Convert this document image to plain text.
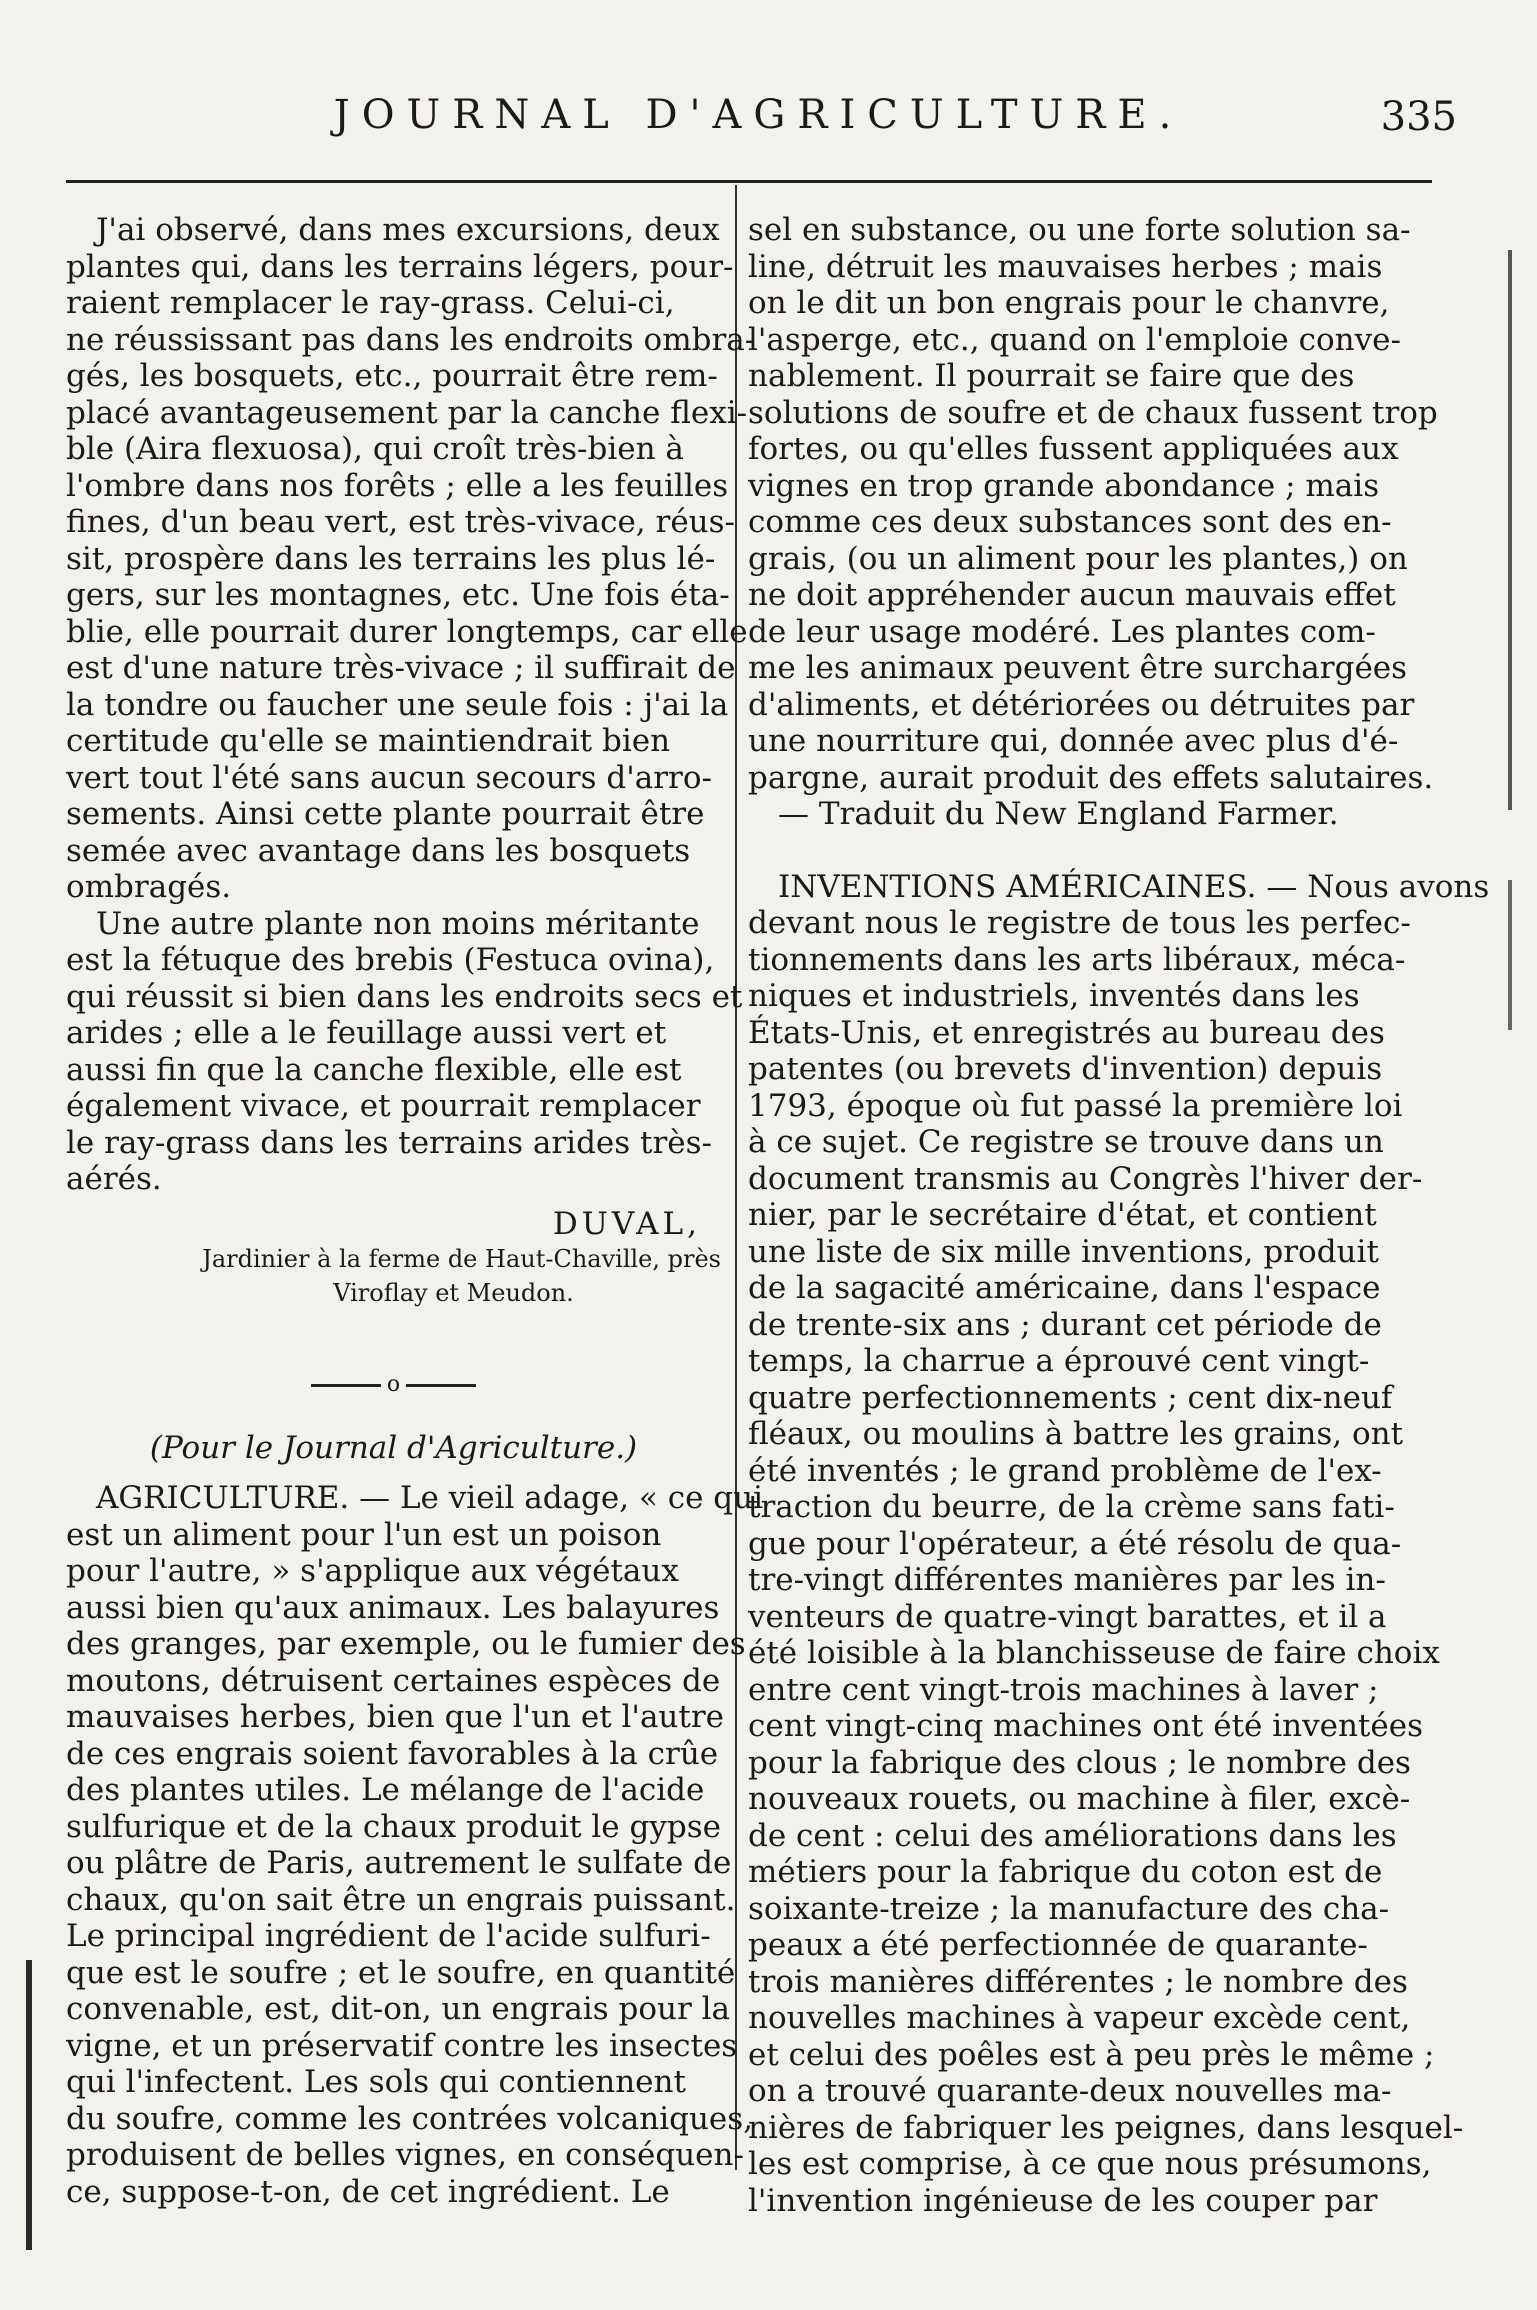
JOURNAL D'AGRICULTURE.	335
J'ai observé, dans mes excursions, deux
plantes qui, dans les terrains légers, pour-
raient remplacer le ray-grass. Celui-ci,
ne réussissant pas dans les endroits ombra-
gés, les bosquets, etc., pourrait être rem-
placé avantageusement par la canche flexi-
ble (Aira flexuosa), qui croît très-bien à
l'ombre dans nos forêts ; elle a les feuilles
fines, d'un beau vert, est très-vivace, réus-
sit, prospère dans les terrains les plus lé-
gers, sur les montagnes, etc. Une fois éta-
blie, elle pourrait durer longtemps, car elle
est d'une nature très-vivace ; il suffirait de
la tondre ou faucher une seule fois : j'ai la
certitude qu'elle se maintiendrait bien
vert tout l'été sans aucun secours d'arro-
sements. Ainsi cette plante pourrait être
semée avec avantage dans les bosquets
ombragés.
Une autre plante non moins méritante
est la fétuque des brebis (Festuca ovina),
qui réussit si bien dans les endroits secs et
arides ; elle a le feuillage aussi vert et
aussi fin que la canche flexible, elle est
également vivace, et pourrait remplacer
le ray-grass dans les terrains arides très-
aérés.
DUVAL,
Jardinier à la ferme de Haut-Chaville, près
Viroflay et Meudon.
o
(Pour le Journal d'Agriculture.)
AGRICULTURE. — Le vieil adage, « ce qui
est un aliment pour l'un est un poison
pour l'autre, » s'applique aux végétaux
aussi bien qu'aux animaux. Les balayures
des granges, par exemple, ou le fumier des
moutons, détruisent certaines espèces de
mauvaises herbes, bien que l'un et l'autre
de ces engrais soient favorables à la crûe
des plantes utiles. Le mélange de l'acide
sulfurique et de la chaux produit le gypse
ou plâtre de Paris, autrement le sulfate de
chaux, qu'on sait être un engrais puissant.
Le principal ingrédient de l'acide sulfuri-
que est le soufre ; et le soufre, en quantité
convenable, est, dit-on, un engrais pour la
vigne, et un préservatif contre les insectes
qui l'infectent. Les sols qui contiennent
du soufre, comme les contrées volcaniques,
produisent de belles vignes, en conséquen-
ce, suppose-t-on, de cet ingrédient. Le
sel en substance, ou une forte solution sa-
line, détruit les mauvaises herbes ; mais
on le dit un bon engrais pour le chanvre,
l'asperge, etc., quand on l'emploie conve-
nablement. Il pourrait se faire que des
solutions de soufre et de chaux fussent trop
fortes, ou qu'elles fussent appliquées aux
vignes en trop grande abondance ; mais
comme ces deux substances sont des en-
grais, (ou un aliment pour les plantes,) on
ne doit appréhender aucun mauvais effet
de leur usage modéré. Les plantes com-
me les animaux peuvent être surchargées
d'aliments, et détériorées ou détruites par
une nourriture qui, donnée avec plus d'é-
pargne, aurait produit des effets salutaires.
— Traduit du New England Farmer.
INVENTIONS AMÉRICAINES. — Nous avons
devant nous le registre de tous les perfec-
tionnements dans les arts libéraux, méca-
niques et industriels, inventés dans les
États-Unis, et enregistrés au bureau des
patentes (ou brevets d'invention) depuis
1793, époque où fut passé la première loi
à ce sujet. Ce registre se trouve dans un
document transmis au Congrès l'hiver der-
nier, par le secrétaire d'état, et contient
une liste de six mille inventions, produit
de la sagacité américaine, dans l'espace
de trente-six ans ; durant cet période de
temps, la charrue a éprouvé cent vingt-
quatre perfectionnements ; cent dix-neuf
fléaux, ou moulins à battre les grains, ont
été inventés ; le grand problème de l'ex-
traction du beurre, de la crème sans fati-
gue pour l'opérateur, a été résolu de qua-
tre-vingt différentes manières par les in-
venteurs de quatre-vingt barattes, et il a
été loisible à la blanchisseuse de faire choix
entre cent vingt-trois machines à laver ;
cent vingt-cinq machines ont été inventées
pour la fabrique des clous ; le nombre des
nouveaux rouets, ou machine à filer, excè-
de cent : celui des améliorations dans les
métiers pour la fabrique du coton est de
soixante-treize ; la manufacture des cha-
peaux a été perfectionnée de quarante-
trois manières différentes ; le nombre des
nouvelles machines à vapeur excède cent,
et celui des poêles est à peu près le même ;
on a trouvé quarante-deux nouvelles ma-
nières de fabriquer les peignes, dans lesquel-
les est comprise, à ce que nous présumons,
l'invention ingénieuse de les couper par
